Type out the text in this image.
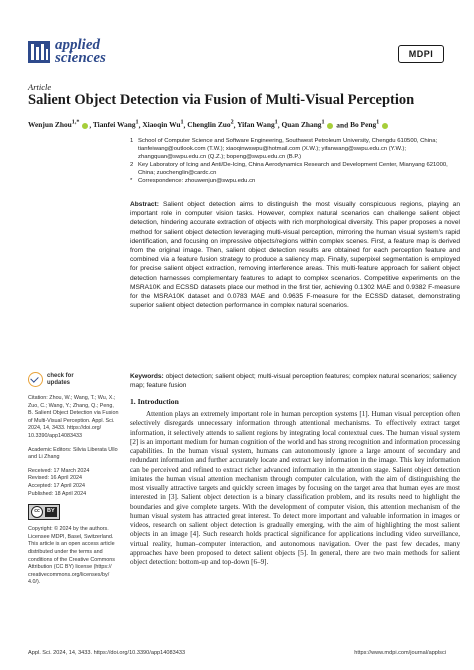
applied
sciences	MDPI
Article
Salient Object Detection via Fusion of Multi-Visual Perception
Wenjun Zhou$^{1,*}$ , Tianfei Wang$^1$, Xiaoqin Wu$^1$, Chenglin Zuo$^2$, Yifan Wang$^1$, Quan Zhang$^1$  and Bo Peng$^1$
1 School of Computer Science and Software Engineering, Southwest Petroleum University, Chengdu 610500, China; tianfeiwang@outlook.com (T.W.); xiaoqinwswpu@hotmail.com (X.W.); yifanwang@swpu.edu.cn (Y.W.); zhangquan@swpu.edu.cn (Q.Z.); bopeng@swpu.edu.cn (B.P.)
2 Key Laboratory of Icing and Anti/De-Icing, China Aerodynamics Research and Development Center, Mianyang 621000, China; zuochenglin@cardc.cn
* Correspondence: zhouwenjun@swpu.edu.cn
Abstract: Salient object detection aims to distinguish the most visually conspicuous regions, playing an important role in computer vision tasks. However, complex natural scenarios can challenge salient object detection, hindering accurate extraction of objects with rich morphological diversity. This paper proposes a novel method for salient object detection leveraging multi-visual perception, mirroring the human visual system's rapid identification, and focusing on impressive objects/regions within complex scenes. First, a feature map is derived from the original image. Then, salient object detection results are obtained for each perception feature and combined via a feature fusion strategy to produce a saliency map. Finally, superpixel segmentation is employed for precise salient object extraction, removing interference areas. This multi-feature approach for salient object detection harnesses complementary features to adapt to complex scenarios. Competitive experiments on the MSRA10K and ECSSD datasets place our method in the first tier, achieving 0.1302 MAE and 0.9382 F-measure for the MSRA10K dataset and 0.0783 MAE and 0.9635 F-measure for the ECSSD dataset, demonstrating superior salient object detection performance in complex natural scenarios.
Keywords: object detection; salient object; multi-visual perception features; complex natural scenarios; saliency map; feature fusion
check for
updates

Citation: Zhou, W.; Wang, T.; Wu, X.; Zuo, C.; Wang, Y.; Zhang, Q.; Peng, B. Salient Object Detection via Fusion of Multi-Visual Perception. Appl. Sci. 2024, 14, 3433. https://doi.org/ 10.3390/app14083433

Academic Editors: Silvia Liberata Ullo and Li Zhang

Received: 17 March 2024
Revised: 16 April 2024
Accepted: 17 April 2024
Published: 18 April 2024

cc	BY

Copyright: © 2024 by the authors. Licensee MDPI, Basel, Switzerland. This article is an open access article distributed under the terms and conditions of the Creative Commons Attribution (CC BY) license (https:// creativecommons.org/licenses/by/ 4.0/).

1. Introduction
Attention plays an extremely important role in human perception systems [1]. Human visual perception often selectively disregards unnecessary information through attentional mechanisms. To effectively extract target information, it selectively attends to salient regions by integrating local contextual cues. The human visual system [2] is an important medium for human cognition of the world and has strong recognition and information processing capabilities. In the human visual system, humans can autonomously ignore a large amount of secondary and redundant information and further accurately locate and extract key information in the image. This key information can be perceived and refined to extract richer advanced information in the attention stage. Salient object detection imitates the human visual attention mechanism through computer calculation, with the aim of distinguishing the most visually attractive targets and quickly screen images by focusing on the target area that human eyes are most interested in [3]. Salient object detection is a binary classification problem, and its results need to highlight the boundaries and give complete targets. With the development of computer vision, this attention mechanism of the human visual system has attracted great interest. To detect more important and valuable information in images or videos, research on salient object detection is gradually emerging, with the aim of highlighting the most salient objects in an image [4]. Such research holds practical significance for applications including video surveillance, virtual reality, human–computer interaction, and autonomous navigation. Over the past few decades, many approaches have been proposed to detect salient objects [5]. In general, there are two main methods for salient object detection: bottom-up and top-down [6–9].
Appl. Sci. 2024, 14, 3433. https://doi.org/10.3390/app14083433	https://www.mdpi.com/journal/applsci
